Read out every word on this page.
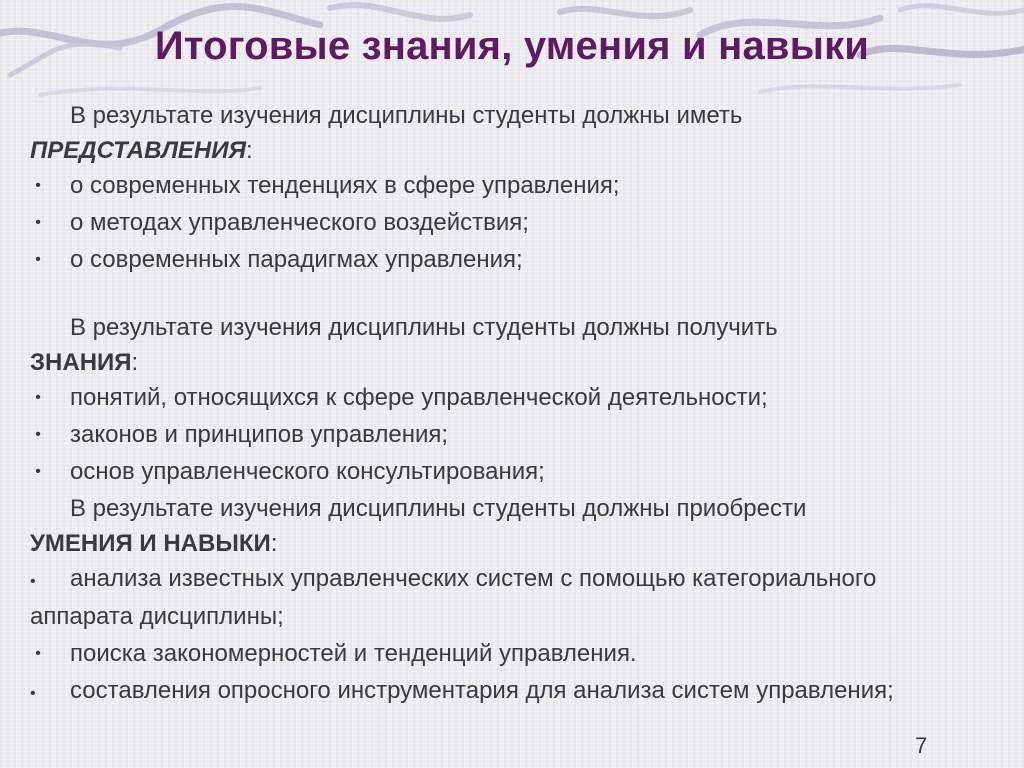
Итоговые знания, умения и навыки

В результате изучения дисциплины студенты должны иметь

ПРЕДСТАВЛЕНИЯ:

• о современных тенденциях в сфере управления;
• о методах управленческого воздействия;
• о современных парадигмах управления;

В результате изучения дисциплины студенты должны получить

ЗНАНИЯ:

• понятий, относящихся к сфере управленческой деятельности;
• законов и принципов управления;
• основ управленческого консультирования;

В результате изучения дисциплины студенты должны приобрести

УМЕНИЯ И НАВЫКИ:

• анализа известных управленческих систем с помощью категориального аппарата дисциплины;
• поиска закономерностей и тенденций управления.
• составления опросного инструментария для анализа систем управления;
7
